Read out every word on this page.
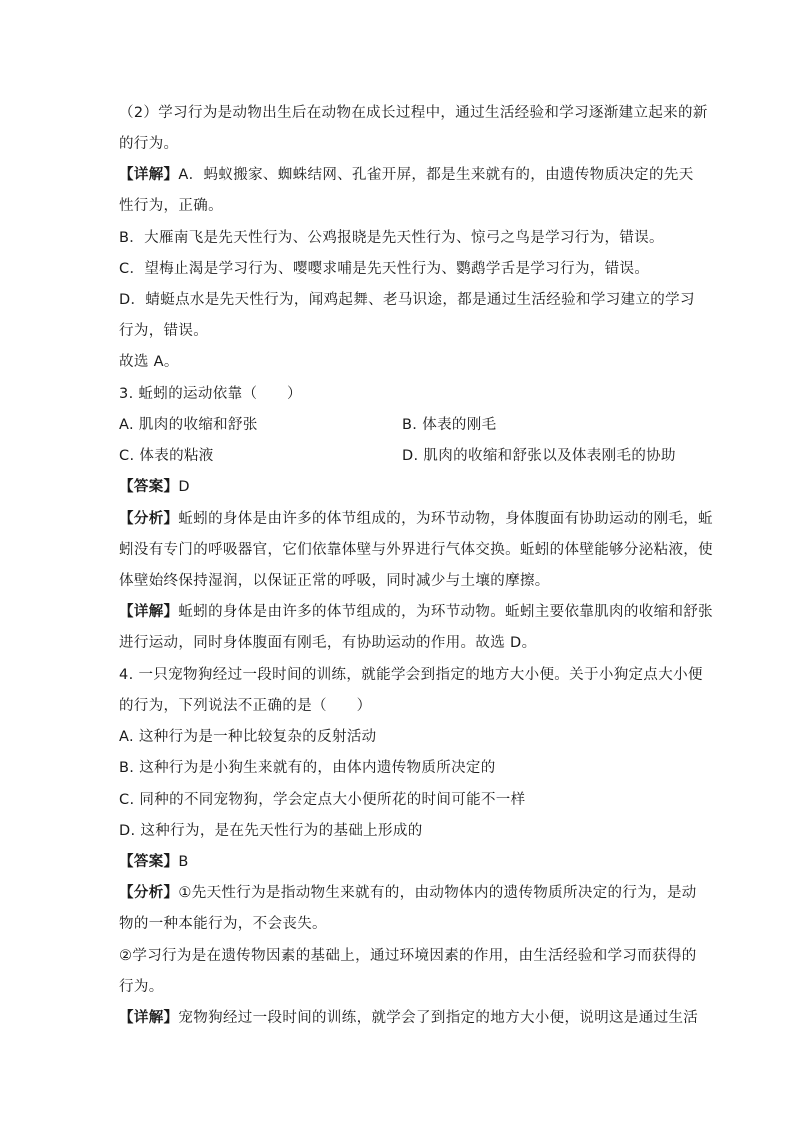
（2）学习行为是动物出生后在动物在成长过程中，通过生活经验和学习逐渐建立起来的新
的行为。
【详解】A．蚂蚁搬家、蜘蛛结网、孔雀开屏，都是生来就有的，由遗传物质决定的先天
性行为，正确。
B．大雁南飞是先天性行为、公鸡报晓是先天性行为、惊弓之鸟是学习行为，错误。
C．望梅止渴是学习行为、嘤嘤求哺是先天性行为、鹦鹉学舌是学习行为，错误。
D．蜻蜓点水是先天性行为，闻鸡起舞、老马识途，都是通过生活经验和学习建立的学习
行为，错误。
故选 A。
3. 蚯蚓的运动依靠（　　）
A. 肌肉的收缩和舒张	B. 体表的刚毛
C. 体表的粘液	D. 肌肉的收缩和舒张以及体表刚毛的协助
【答案】D
【分析】蚯蚓的身体是由许多的体节组成的，为环节动物，身体腹面有协助运动的刚毛，蚯
蚓没有专门的呼吸器官，它们依靠体壁与外界进行气体交换。蚯蚓的体壁能够分泌粘液，使
体壁始终保持湿润，以保证正常的呼吸，同时减少与土壤的摩擦。
【详解】蚯蚓的身体是由许多的体节组成的，为环节动物。蚯蚓主要依靠肌肉的收缩和舒张
进行运动，同时身体腹面有刚毛，有协助运动的作用。故选 D。
4. 一只宠物狗经过一段时间的训练，就能学会到指定的地方大小便。关于小狗定点大小便
的行为，下列说法不正确的是（　　）
A. 这种行为是一种比较复杂的反射活动
B. 这种行为是小狗生来就有的，由体内遗传物质所决定的
C. 同种的不同宠物狗，学会定点大小便所花的时间可能不一样
D. 这种行为，是在先天性行为的基础上形成的
【答案】B
【分析】①先天性行为是指动物生来就有的，由动物体内的遗传物质所决定的行为，是动
物的一种本能行为，不会丧失。
②学习行为是在遗传物因素的基础上，通过环境因素的作用，由生活经验和学习而获得的
行为。
【详解】宠物狗经过一段时间的训练，就学会了到指定的地方大小便，说明这是通过生活
